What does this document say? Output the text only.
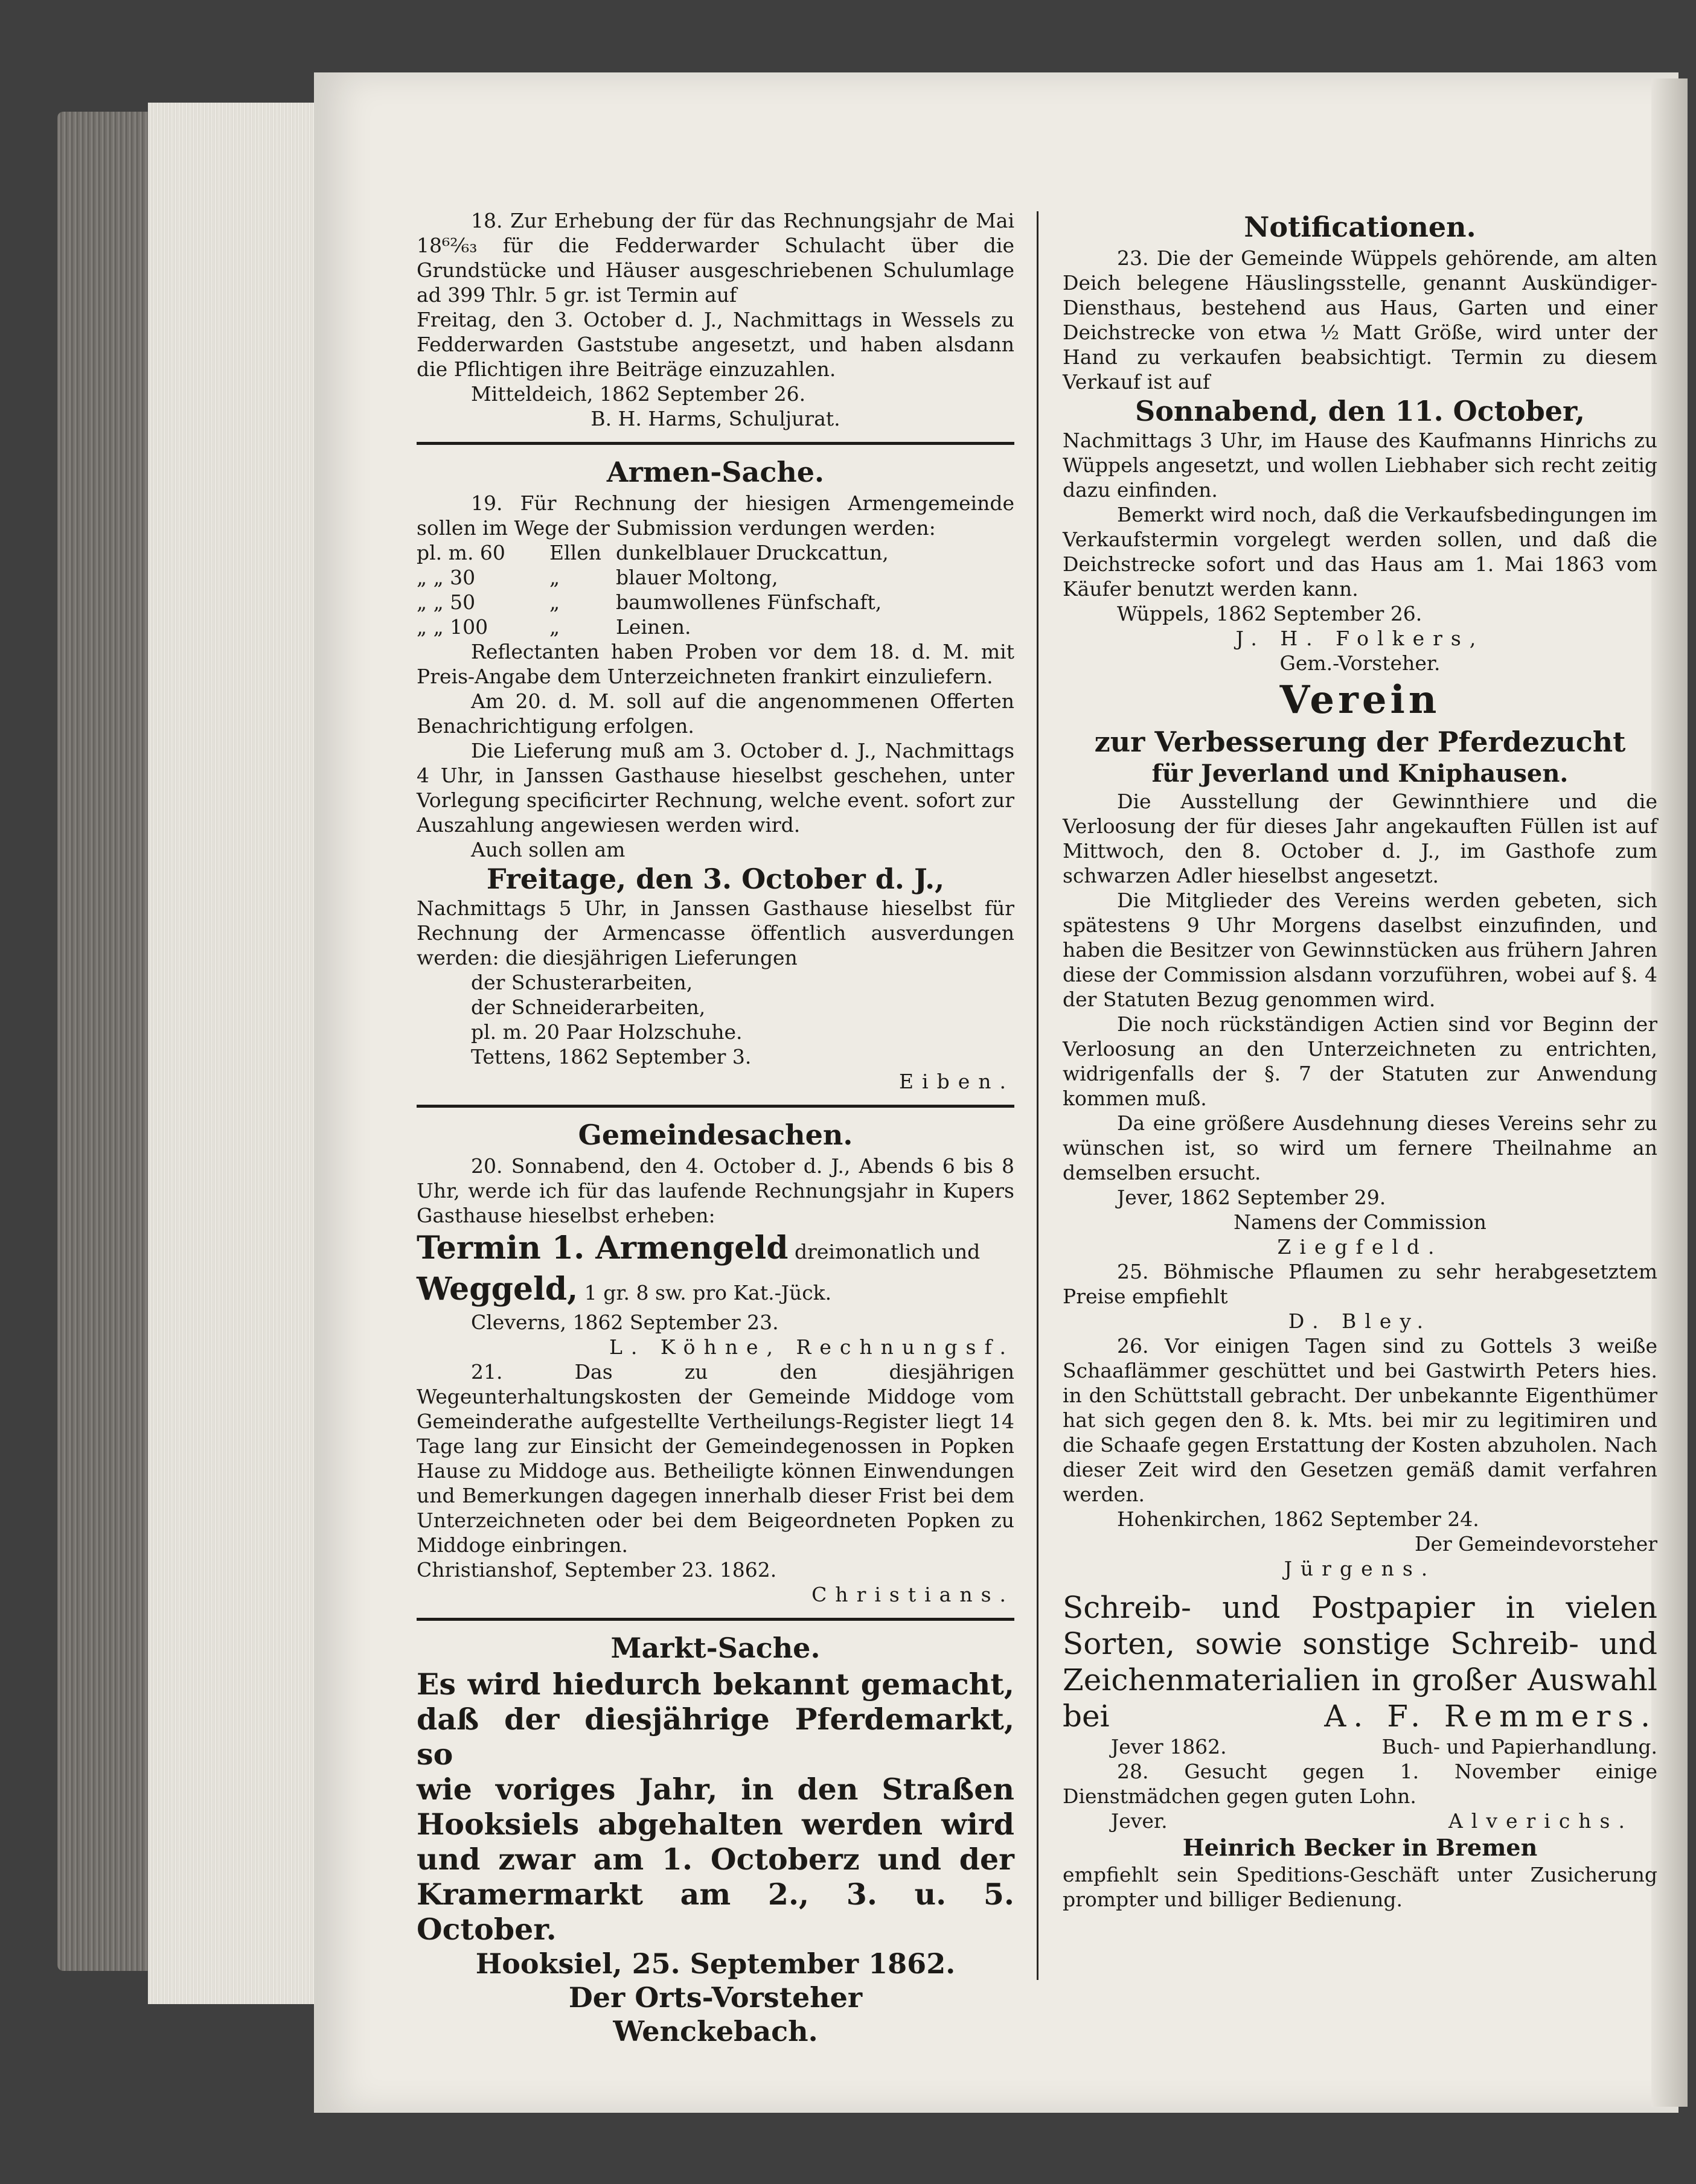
18. Zur Erhebung der für das Rechnungsjahr de Mai 18⁶²⁄₆₃ für die Fedderwarder Schulacht über die Grundstücke und Häuser ausgeschriebenen Schulumlage ad 399 Thlr. 5 gr. ist Termin auf

Freitag, den 3. October d. J., Nachmittags in Wessels zu Fedderwarden Gaststube angesetzt, und haben alsdann die Pflichtigen ihre Beiträge einzuzahlen.

Mitteldeich, 1862 September 26.

B. H. Harms, Schuljurat.

Armen-Sache.

19. Für Rechnung der hiesigen Armengemeinde sollen im Wege der Submission verdungen werden:

pl. m. 60	Ellen dunkelblauer Druckcattun,
„ „ 30	„	blauer Moltong,
„ „ 50	„	baumwollenes Fünfschaft,
„ „ 100	„	Leinen.

Reflectanten haben Proben vor dem 18. d. M. mit Preis-Angabe dem Unterzeichneten frankirt einzuliefern.

Am 20. d. M. soll auf die angenommenen Offerten Benachrichtigung erfolgen.

Die Lieferung muß am 3. October d. J., Nachmittags 4 Uhr, in Janssen Gasthause hieselbst geschehen, unter Vorlegung specificirter Rechnung, welche event. sofort zur Auszahlung angewiesen werden wird.

Auch sollen am

Freitage, den 3. October d. J.,

Nachmittags 5 Uhr, in Janssen Gasthause hieselbst für Rechnung der Armencasse öffentlich ausverdungen werden: die diesjährigen Lieferungen

der Schusterarbeiten,

der Schneiderarbeiten,

pl. m. 20 Paar Holzschuhe.

Tettens, 1862 September 3.

Eiben.

Gemeindesachen.

20. Sonnabend, den 4. October d. J., Abends 6 bis 8 Uhr, werde ich für das laufende Rechnungsjahr in Kupers Gasthause hieselbst erheben:

Termin 1. Armengeld dreimonatlich und

Weggeld, 1 gr. 8 sw. pro Kat.-Jück.

Cleverns, 1862 September 23.

L. Köhne, Rechnungsf.

21. Das zu den diesjährigen Wegeunterhaltungskosten der Gemeinde Middoge vom Gemeinderathe aufgestellte Vertheilungs-Register liegt 14 Tage lang zur Einsicht der Gemeindegenossen in Popken Hause zu Middoge aus. Betheiligte können Einwendungen und Bemerkungen dagegen innerhalb dieser Frist bei dem Unterzeichneten oder bei dem Beigeordneten Popken zu Middoge einbringen.

Christianshof, September 23. 1862.

Christians.

Markt-Sache.

Es wird hiedurch bekannt gemacht,

daß der diesjährige Pferdemarkt, so

wie voriges Jahr, in den Straßen

Hooksiels abgehalten werden wird

und zwar am 1. Octoberz und der

Kramermarkt am 2., 3. u. 5. October.

Hooksiel, 25. September 1862.

Der Orts-Vorsteher

Wenckebach.

Notificationen.

23. Die der Gemeinde Wüppels gehörende, am alten Deich belegene Häuslingsstelle, genannt Auskündiger-Diensthaus, bestehend aus Haus, Garten und einer Deichstrecke von etwa ½ Matt Größe, wird unter der Hand zu verkaufen beabsichtigt. Termin zu diesem Verkauf ist auf

Sonnabend, den 11. October,

Nachmittags 3 Uhr, im Hause des Kaufmanns Hinrichs zu Wüppels angesetzt, und wollen Liebhaber sich recht zeitig dazu einfinden.

Bemerkt wird noch, daß die Verkaufsbedingungen im Verkaufstermin vorgelegt werden sollen, und daß die Deichstrecke sofort und das Haus am 1. Mai 1863 vom Käufer benutzt werden kann.

Wüppels, 1862 September 26.

J. H. Folkers,

Gem.-Vorsteher.

Verein

zur Verbesserung der Pferdezucht

für Jeverland und Kniphausen.

Die Ausstellung der Gewinnthiere und die Verloosung der für dieses Jahr angekauften Füllen ist auf Mittwoch, den 8. October d. J., im Gasthofe zum schwarzen Adler hieselbst angesetzt.

Die Mitglieder des Vereins werden gebeten, sich spätestens 9 Uhr Morgens daselbst einzufinden, und haben die Besitzer von Gewinnstücken aus frühern Jahren diese der Commission alsdann vorzuführen, wobei auf §. 4 der Statuten Bezug genommen wird.

Die noch rückständigen Actien sind vor Beginn der Verloosung an den Unterzeichneten zu entrichten, widrigenfalls der §. 7 der Statuten zur Anwendung kommen muß.

Da eine größere Ausdehnung dieses Vereins sehr zu wünschen ist, so wird um fernere Theilnahme an demselben ersucht.

Jever, 1862 September 29.

Namens der Commission

Ziegfeld.

25. Böhmische Pflaumen zu sehr herabgesetztem Preise empfiehlt

D. Bley.

26. Vor einigen Tagen sind zu Gottels 3 weiße Schaaflämmer geschüttet und bei Gastwirth Peters hies. in den Schüttstall gebracht. Der unbekannte Eigenthümer hat sich gegen den 8. k. Mts. bei mir zu legitimiren und die Schaafe gegen Erstattung der Kosten abzuholen. Nach dieser Zeit wird den Gesetzen gemäß damit verfahren werden.

Hohenkirchen, 1862 September 24.

Der Gemeindevorsteher

Jürgens.

Schreib- und Postpapier in vielen

Sorten, sowie sonstige Schreib- und

Zeichenmaterialien in großer Auswahl

bei	A. F. Remmers.
Jever 1862.	Buch- und Papierhandlung.

28. Gesucht gegen 1. November einige Dienstmädchen gegen guten Lohn.

Jever.	Alverichs.

Heinrich Becker in Bremen

empfiehlt sein Speditions-Geschäft unter Zusicherung prompter und billiger Bedienung.
